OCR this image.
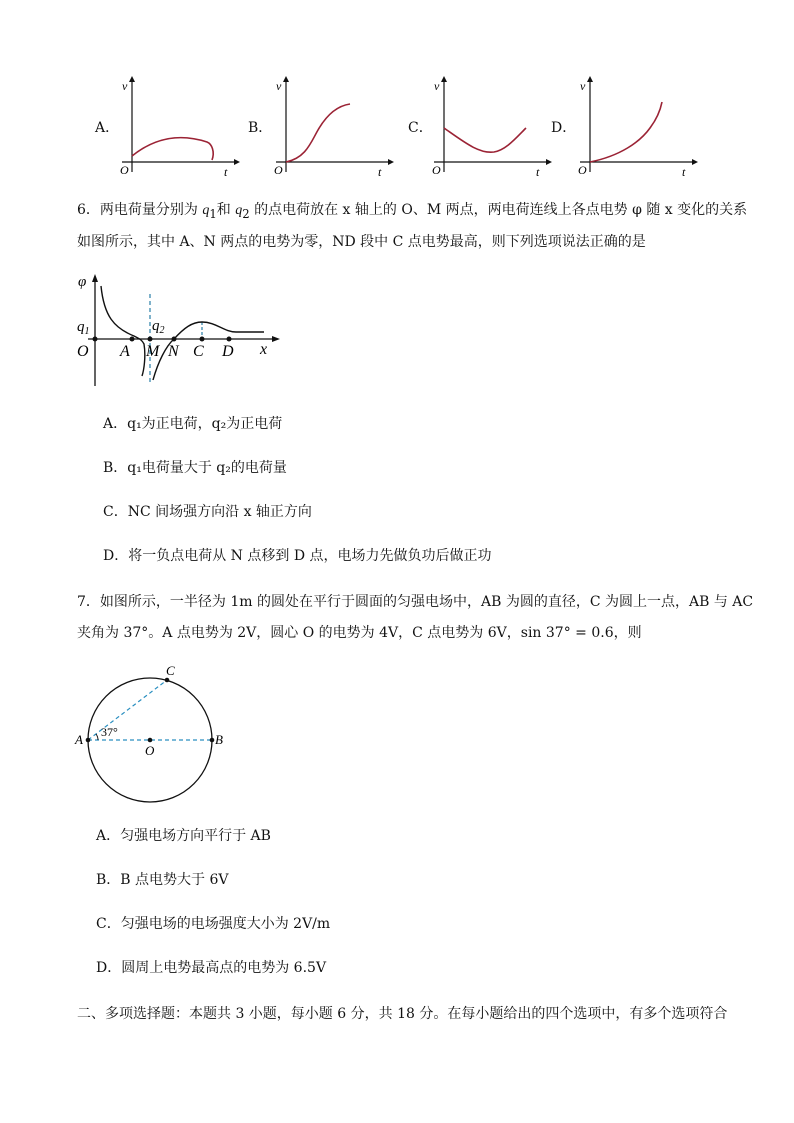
A．
v
t
O
B．
v
t
O
C．
v
t
O
D．
v
t
O
6．两电荷量分别为 $q_1$和 $q_2$ 的点电荷放在 x 轴上的 O、M 两点，两电荷连线上各点电势 φ 随 x 变化的关系
如图所示，其中 A、N 两点的电势为零，ND 段中 C 点电势最高，则下列选项说法正确的是
φ
$q_1$	$q_2$
O A M N C D x
A．q₁为正电荷，q₂为正电荷
B．q₁电荷量大于 q₂的电荷量
C．NC 间场强方向沿 x 轴正方向
D．将一负点电荷从 N 点移到 D 点，电场力先做负功后做正功
7．如图所示，一半径为 1m 的圆处在平行于圆面的匀强电场中，AB 为圆的直径，C 为圆上一点，AB 与 AC
夹角为 37°。A 点电势为 2V，圆心 O 的电势为 4V，C 点电势为 6V，sin 37° = 0.6，则
A	B
C
O
37°
A．匀强电场方向平行于 AB
B．B 点电势大于 6V
C．匀强电场的电场强度大小为 2V/m
D．圆周上电势最高点的电势为 6.5V
二、多项选择题：本题共 3 小题，每小题 6 分，共 18 分。在每小题给出的四个选项中，有多个选项符合
